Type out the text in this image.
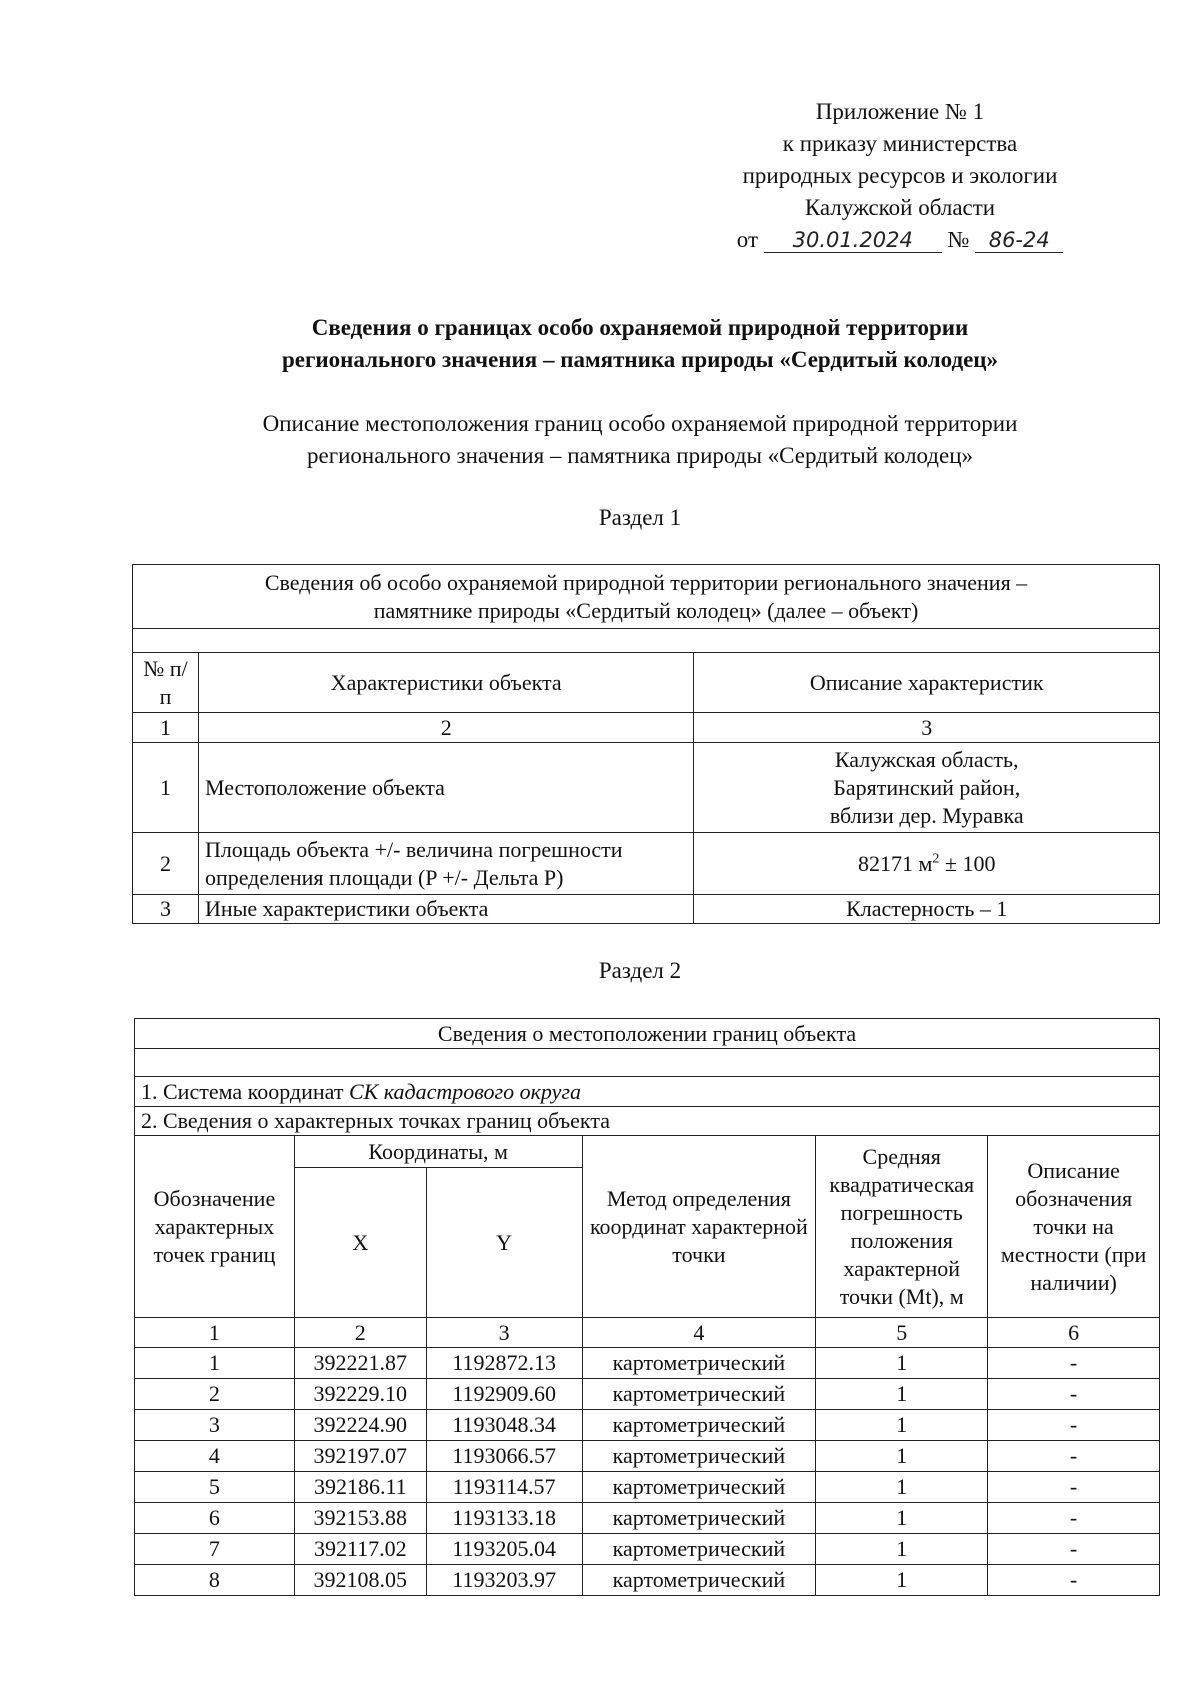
Приложение № 1
к приказу министерства
природных ресурсов и экологии
Калужской области
от 30.01.2024 № 86-24
Сведения о границах особо охраняемой природной территории
регионального значения – памятника природы «Сердитый колодец»
Описание местоположения границ особо охраняемой природной территории
регионального значения – памятника природы «Сердитый колодец»
Раздел 1
Сведения об особо охраняемой природной территории регионального значения –
памятнике природы «Сердитый колодец» (далее – объект)		

№ п/п	Характеристики объекта	Описание характеристик
1	2	3
1	Местоположение объекта	Калужская область,
Барятинский район,
вблизи дер. Муравка

2	Площадь объекта +/- величина погрешности
определения площади (P +/- Дельта P)	82171 $м^2 \pm 100$
3	Иные характеристики объекта	Кластерность – 1
Раздел 2
Сведения о местоположении границ объекта					

1. Система координат СК кадастрового округа					
2. Сведения о характерных точках границ объекта					
Обозначение характерных точек границ	Координаты, м		Метод определения координат характерной точки	Средняя квадратическая погрешность положения характерной точки (Mt), м	Описание обозначения точки на местности (при наличии)
	X	Y			
1	2	3	4	5	6
1	392221.87	1192872.13	картометрический	1	-
2	392229.10	1192909.60	картометрический	1	-
3	392224.90	1193048.34	картометрический	1	-
4	392197.07	1193066.57	картометрический	1	-
5	392186.11	1193114.57	картометрический	1	-
6	392153.88	1193133.18	картометрический	1	-
7	392117.02	1193205.04	картометрический	1	-
8	392108.05	1193203.97	картометрический	1	-
